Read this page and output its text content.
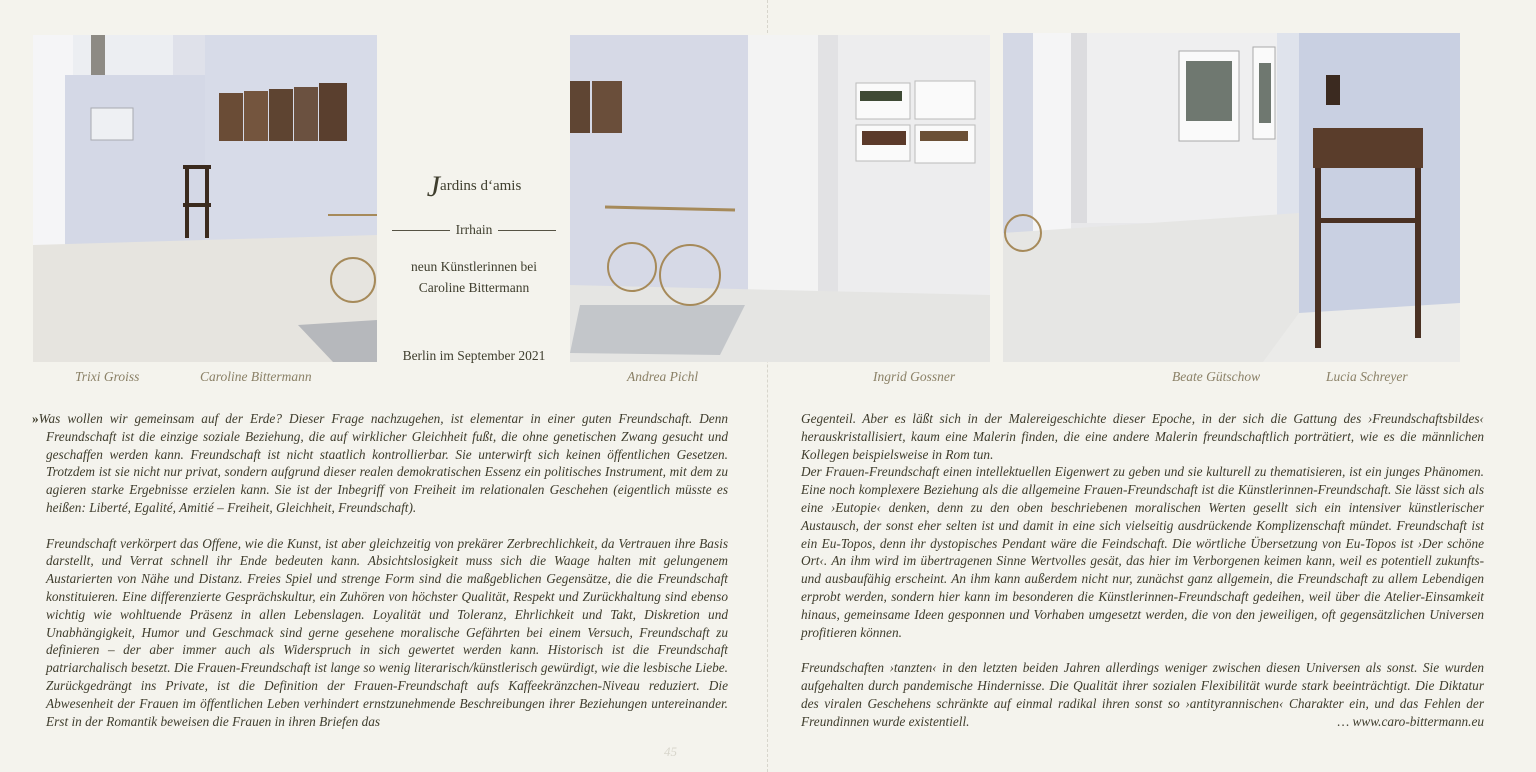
Jardins d‘amis
Irrhain
neun Künstlerinnen bei
Caroline Bittermann
Berlin im September 2021
Trixi Groiss	Caroline Bittermann	Andrea Pichl	Ingrid Gossner	Beate Gütschow	Lucia Schreyer

»Was wollen wir gemeinsam auf der Erde? Dieser Frage nachzugehen, ist elementar in einer guten Freundschaft. Denn Freundschaft ist die einzige soziale Beziehung, die auf wirklicher Gleichheit fußt, die ohne genetischen Zwang gesucht und geschaffen werden kann. Freundschaft ist nicht staatlich kontrollierbar. Sie unterwirft sich keinen öffentlichen Gesetzen. Trotzdem ist sie nicht nur privat, sondern aufgrund dieser realen demokratischen Essenz ein politisches Instrument, mit dem zu agieren starke Ergebnisse erzielen kann. Sie ist der Inbegriff von Freiheit im relationalen Geschehen (eigentlich müsste es heißen: Liberté, Egalité, Amitié – Freiheit, Gleichheit, Freundschaft).

Freundschaft verkörpert das Offene, wie die Kunst, ist aber gleichzeitig von prekärer Zerbrechlichkeit, da Vertrauen ihre Basis darstellt, und Verrat schnell ihr Ende bedeuten kann. Absichtslosigkeit muss sich die Waage halten mit gelungenem Austarierten von Nähe und Distanz. Freies Spiel und strenge Form sind die maßgeblichen Gegensätze, die die Freundschaft konstituieren. Eine differenzierte Gesprächskultur, ein Zuhören von höchster Qualität, Respekt und Zurückhaltung sind ebenso wichtig wie wohltuende Präsenz in allen Lebenslagen. Loyalität und Toleranz, Ehrlichkeit und Takt, Diskretion und Unabhängigkeit, Humor und Geschmack sind gerne gesehene moralische Gefährten bei einem Versuch, Freundschaft zu definieren – der aber immer auch als Widerspruch in sich gewertet werden kann. Historisch ist die Freundschaft patriarchalisch besetzt. Die Frauen-Freundschaft ist lange so wenig literarisch/künstlerisch gewürdigt, wie die lesbische Liebe. Zurückgedrängt ins Private, ist die Definition der Frauen-Freundschaft aufs Kaffeekränzchen-Niveau reduziert. Die Abwesenheit der Frauen im öffentlichen Leben verhindert ernstzunehmende Beschreibungen ihrer Beziehungen untereinander. Erst in der Romantik beweisen die Frauen in ihren Briefen das

Gegenteil. Aber es läßt sich in der Malereigeschichte dieser Epoche, in der sich die Gattung des ›Freundschaftsbildes‹ herauskristallisiert, kaum eine Malerin finden, die eine andere Malerin freundschaftlich porträtiert, wie es die männlichen Kollegen beispielsweise in Rom tun.
Der Frauen-Freundschaft einen intellektuellen Eigenwert zu geben und sie kulturell zu thematisieren, ist ein junges Phänomen. Eine noch komplexere Beziehung als die allgemeine Frauen-Freundschaft ist die Künstlerinnen-Freundschaft. Sie lässt sich als eine ›Eutopie‹ denken, denn zu den oben beschriebenen moralischen Werten gesellt sich ein intensiver künstlerischer Austausch, der sonst eher selten ist und damit in eine sich vielseitig ausdrückende Komplizenschaft mündet. Freundschaft ist ein Eu-Topos, denn ihr dystopisches Pendant wäre die Feindschaft. Die wörtliche Übersetzung von Eu-Topos ist ›Der schöne Ort‹. An ihm wird im übertragenen Sinne Wertvolles gesät, das hier im Verborgenen keimen kann, weil es potentiell zukunfts- und ausbaufähig erscheint. An ihm kann außerdem nicht nur, zunächst ganz allgemein, die Freundschaft zu allem Lebendigen erprobt werden, sondern hier kann im besonderen die Künstlerinnen-Freundschaft gedeihen, weil über die Atelier-Einsamkeit hinaus, gemeinsame Ideen gesponnen und Vorhaben umgesetzt werden, die von den jeweiligen, oft gegensätzlichen Universen profitieren können.

Freundschaften ›tanzten‹ in den letzten beiden Jahren allerdings weniger zwischen diesen Universen als sonst. Sie wurden aufgehalten durch pandemische Hindernisse. Die Qualität ihrer sozialen Flexibilität wurde stark beeinträchtigt. Die Diktatur des viralen Geschehens schränkte auf einmal radikal ihren sonst so ›antityrannischen‹ Charakter ein, und das Fehlen der Freundinnen wurde existentiell.	… www.caro-bittermann.eu

45
